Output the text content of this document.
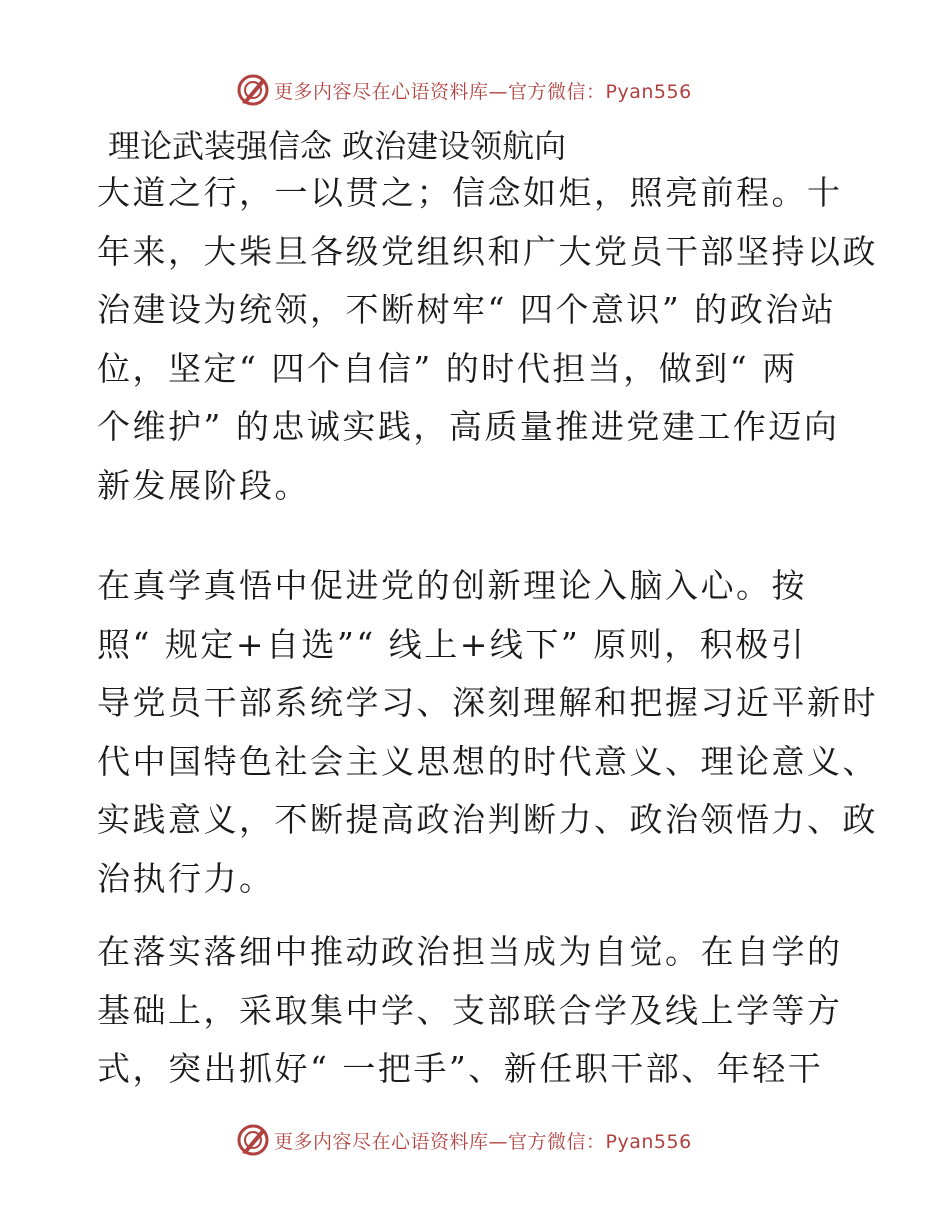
更多内容尽在心语资料库—官方微信：Pyan556
理论武装强信念 政治建设领航向
大道之行，一以贯之；信念如炬，照亮前程。十
年来，大柴旦各级党组织和广大党员干部坚持以政
治建设为统领，不断树牢“ 四个意识” 的政治站
位，坚定“ 四个自信” 的时代担当，做到“ 两
个维护” 的忠诚实践，高质量推进党建工作迈向
新发展阶段。
在真学真悟中促进党的创新理论入脑入心。按
照“ 规定+自选”“ 线上+线下” 原则，积极引
导党员干部系统学习、深刻理解和把握习近平新时
代中国特色社会主义思想的时代意义、理论意义、
实践意义，不断提高政治判断力、政治领悟力、政
治执行力。
在落实落细中推动政治担当成为自觉。在自学的
基础上，采取集中学、支部联合学及线上学等方
式，突出抓好“ 一把手”、新任职干部、年轻干
更多内容尽在心语资料库—官方微信：Pyan556
